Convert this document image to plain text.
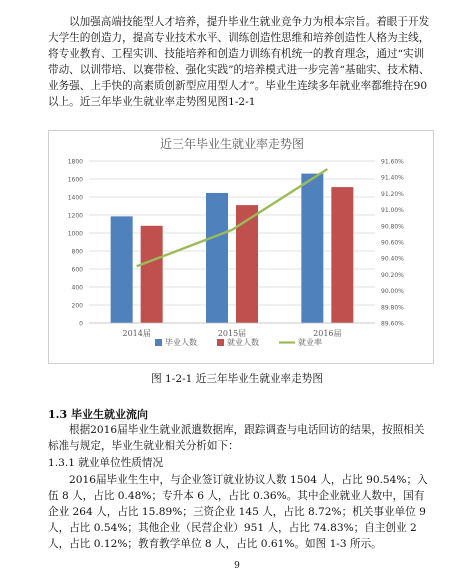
以加强高端技能型人才培养，提升毕业生就业竞争力为根本宗旨。着眼于开发大学生的创造力，提高专业技术水平、训练创造性思维和培养创造性人格为主线，将专业教育、工程实训、技能培养和创造力训练有机统一的教育理念，通过“实训带动、以训带培、以赛带检、强化实践”的培养模式进一步完善“基础实、技术精、业务强、上手快的高素质创新型应用型人才”。毕业生连续多年就业率都维持在90以上。近三年毕业生就业率走势图见图1-2-1

近三年毕业生就业率走势图
0
200
400
600
800
1000
1200
1400
1600
1800
89.60%
89.80%
90.00%
90.20%
90.40%
90.60%
90.80%
91.00%
91.20%
91.40%
91.60%
2014届	2015届	2016届
毕业人数	就业人数	就业率
图 1-2-1 近三年毕业生就业率走势图
1.3 毕业生就业流向

根据2016届毕业生就业派遣数据库，跟踪调查与电话回访的结果，按照相关标准与规定，毕业生就业相关分析如下：

1.3.1 就业单位性质情况

2016届毕业生生中，与企业签订就业协议人数 1504 人，占比 90.54%；入伍 8 人，占比 0.48%；专升本 6 人，占比 0.36%。其中企业就业人数中，国有企业 264 人，占比 15.89%；三资企业 145 人，占比 8.72%；机关事业单位 9 人，占比 0.54%；其他企业（民营企业）951 人，占比 74.83%；自主创业 2 人，占比 0.12%；教育教学单位 8 人，占比 0.61%。如图 1-3 所示。

9
